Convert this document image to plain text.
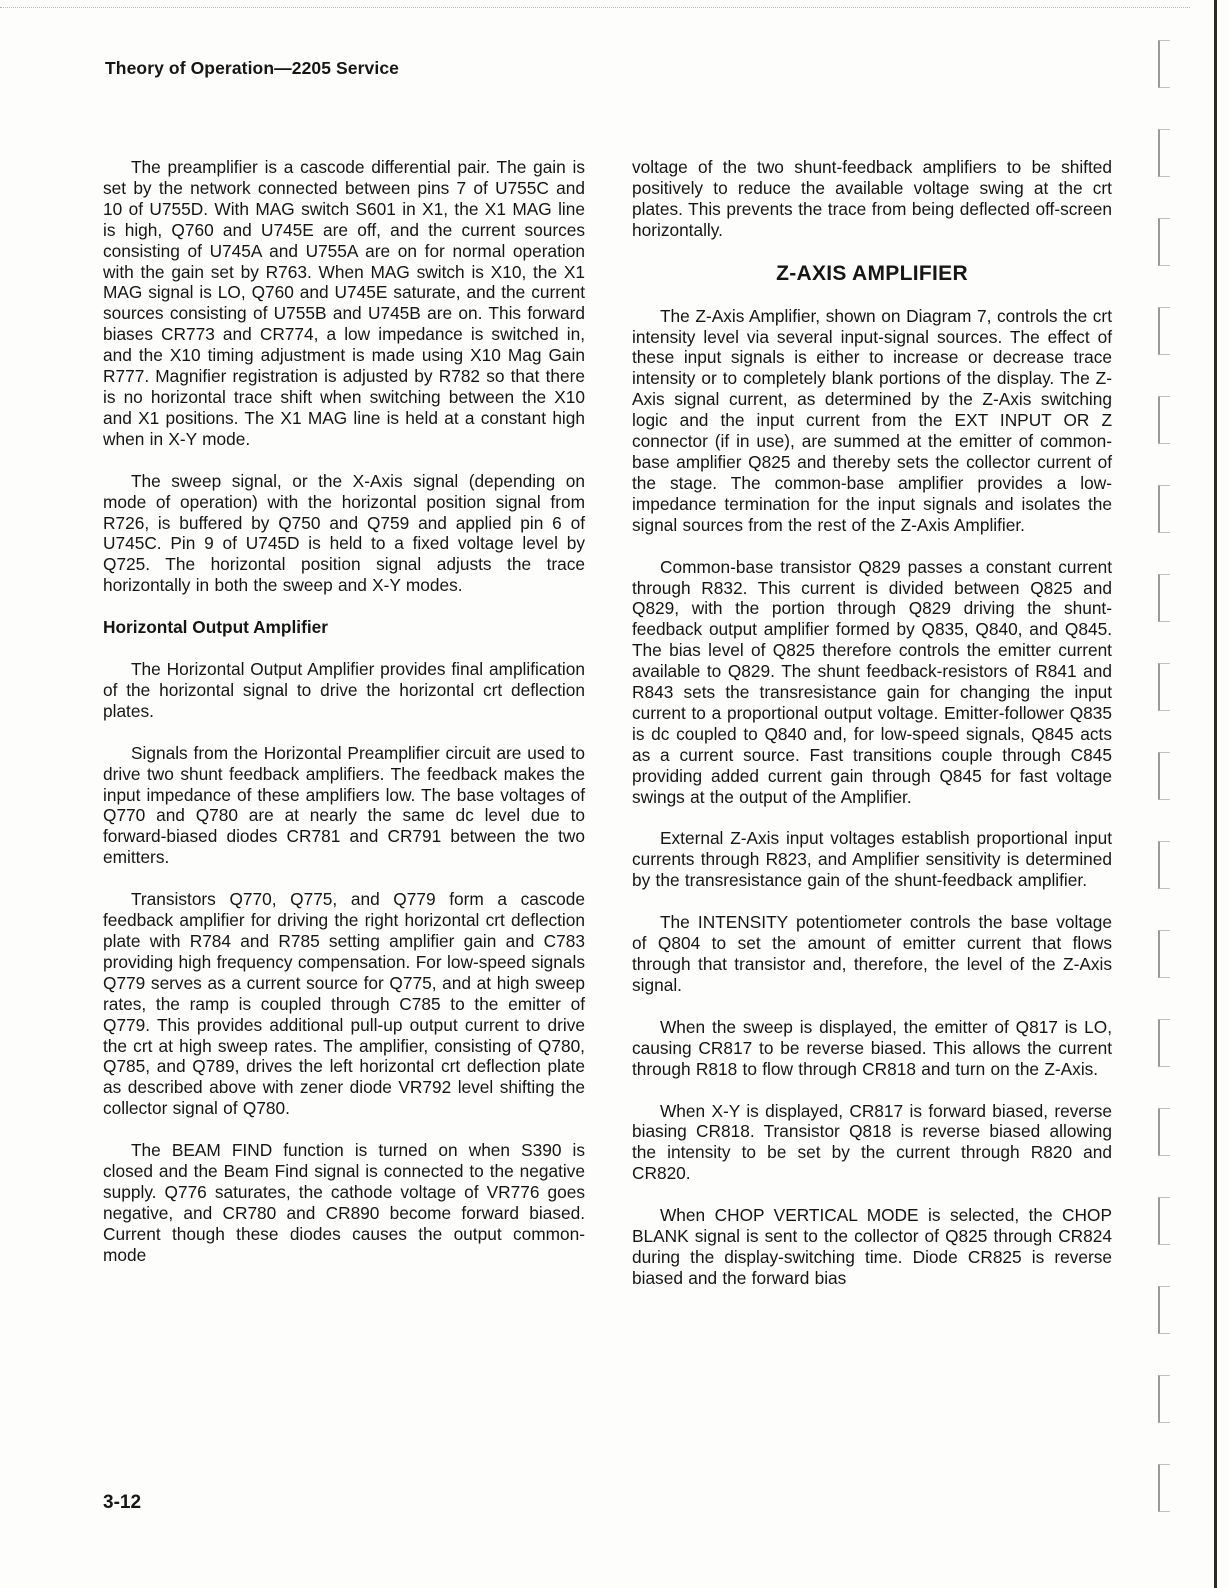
Theory of Operation—2205 Service

The preamplifier is a cascode differential pair. The gain is set by the network connected between pins 7 of U755C and 10 of U755D. With MAG switch S601 in X1, the X1 MAG line is high, Q760 and U745E are off, and the current sources consisting of U745A and U755A are on for normal operation with the gain set by R763. When MAG switch is X10, the X1 MAG signal is LO, Q760 and U745E saturate, and the current sources consisting of U755B and U745B are on. This forward biases CR773 and CR774, a low impedance is switched in, and the X10 timing adjustment is made using X10 Mag Gain R777. Magnifier registration is adjusted by R782 so that there is no horizontal trace shift when switching between the X10 and X1 positions. The X1 MAG line is held at a constant high when in X-Y mode.

The sweep signal, or the X-Axis signal (depending on mode of operation) with the horizontal position signal from R726, is buffered by Q750 and Q759 and applied pin 6 of U745C. Pin 9 of U745D is held to a fixed voltage level by Q725. The horizontal position signal adjusts the trace horizontally in both the sweep and X-Y modes.

Horizontal Output Amplifier

The Horizontal Output Amplifier provides final amplification of the horizontal signal to drive the horizontal crt deflection plates.

Signals from the Horizontal Preamplifier circuit are used to drive two shunt feedback amplifiers. The feedback makes the input impedance of these amplifiers low. The base voltages of Q770 and Q780 are at nearly the same dc level due to forward-biased diodes CR781 and CR791 between the two emitters.

Transistors Q770, Q775, and Q779 form a cascode feedback amplifier for driving the right horizontal crt deflection plate with R784 and R785 setting amplifier gain and C783 providing high frequency compensation. For low-speed signals Q779 serves as a current source for Q775, and at high sweep rates, the ramp is coupled through C785 to the emitter of Q779. This provides additional pull-up output current to drive the crt at high sweep rates. The amplifier, consisting of Q780, Q785, and Q789, drives the left horizontal crt deflection plate as described above with zener diode VR792 level shifting the collector signal of Q780.

The BEAM FIND function is turned on when S390 is closed and the Beam Find signal is connected to the negative supply. Q776 saturates, the cathode voltage of VR776 goes negative, and CR780 and CR890 become forward biased. Current though these diodes causes the output common-mode

voltage of the two shunt-feedback amplifiers to be shifted positively to reduce the available voltage swing at the crt plates. This prevents the trace from being deflected off-screen horizontally.

Z-AXIS AMPLIFIER

The Z-Axis Amplifier, shown on Diagram 7, controls the crt intensity level via several input-signal sources. The effect of these input signals is either to increase or decrease trace intensity or to completely blank portions of the display. The Z-Axis signal current, as determined by the Z-Axis switching logic and the input current from the EXT INPUT OR Z connector (if in use), are summed at the emitter of common-base amplifier Q825 and thereby sets the collector current of the stage. The common-base amplifier provides a low-impedance termination for the input signals and isolates the signal sources from the rest of the Z-Axis Amplifier.

Common-base transistor Q829 passes a constant current through R832. This current is divided between Q825 and Q829, with the portion through Q829 driving the shunt-feedback output amplifier formed by Q835, Q840, and Q845. The bias level of Q825 therefore controls the emitter current available to Q829. The shunt feedback-resistors of R841 and R843 sets the transresistance gain for changing the input current to a proportional output voltage. Emitter-follower Q835 is dc coupled to Q840 and, for low-speed signals, Q845 acts as a current source. Fast transitions couple through C845 providing added current gain through Q845 for fast voltage swings at the output of the Amplifier.

External Z-Axis input voltages establish proportional input currents through R823, and Amplifier sensitivity is determined by the transresistance gain of the shunt-feedback amplifier.

The INTENSITY potentiometer controls the base voltage of Q804 to set the amount of emitter current that flows through that transistor and, therefore, the level of the Z-Axis signal.

When the sweep is displayed, the emitter of Q817 is LO, causing CR817 to be reverse biased. This allows the current through R818 to flow through CR818 and turn on the Z-Axis.

When X-Y is displayed, CR817 is forward biased, reverse biasing CR818. Transistor Q818 is reverse biased allowing the intensity to be set by the current through R820 and CR820.

When CHOP VERTICAL MODE is selected, the CHOP BLANK signal is sent to the collector of Q825 through CR824 during the display-switching time. Diode CR825 is reverse biased and the forward bias

3-12
